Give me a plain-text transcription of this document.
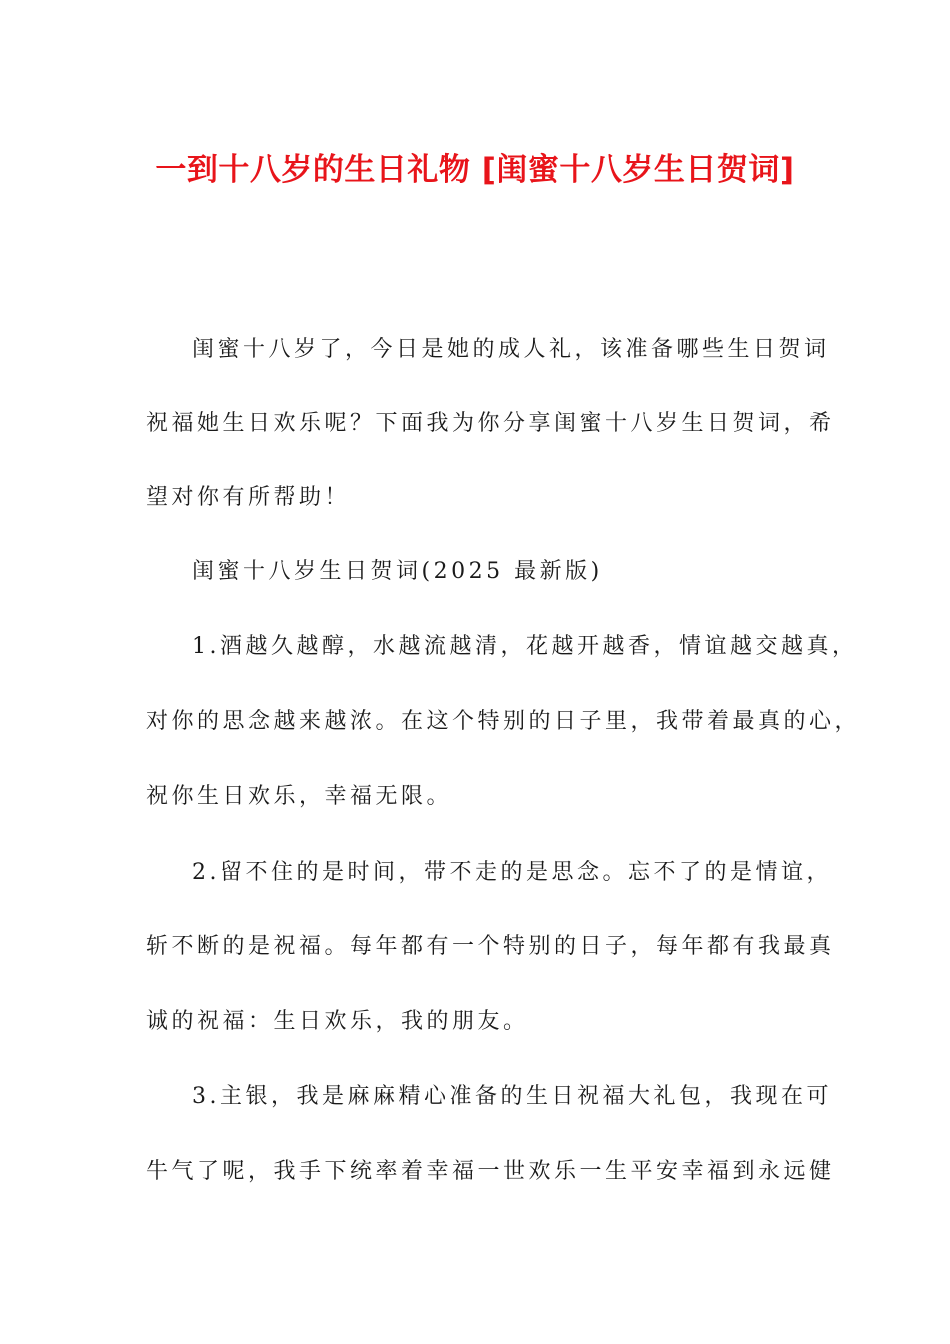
一到十八岁的生日礼物 [闺蜜十八岁生日贺词]
闺蜜十八岁了，今日是她的成人礼，该准备哪些生日贺词
祝福她生日欢乐呢？下面我为你分享闺蜜十八岁生日贺词，希
望对你有所帮助！
闺蜜十八岁生日贺词(2025 最新版)
1.酒越久越醇，水越流越清，花越开越香，情谊越交越真，
对你的思念越来越浓。在这个特别的日子里，我带着最真的心，
祝你生日欢乐，幸福无限。
2.留不住的是时间，带不走的是思念。忘不了的是情谊，
斩不断的是祝福。每年都有一个特别的日子，每年都有我最真
诚的祝福：生日欢乐，我的朋友。
3.主银，我是麻麻精心准备的生日祝福大礼包，我现在可
牛气了呢，我手下统率着幸福一世欢乐一生平安幸福到永远健
